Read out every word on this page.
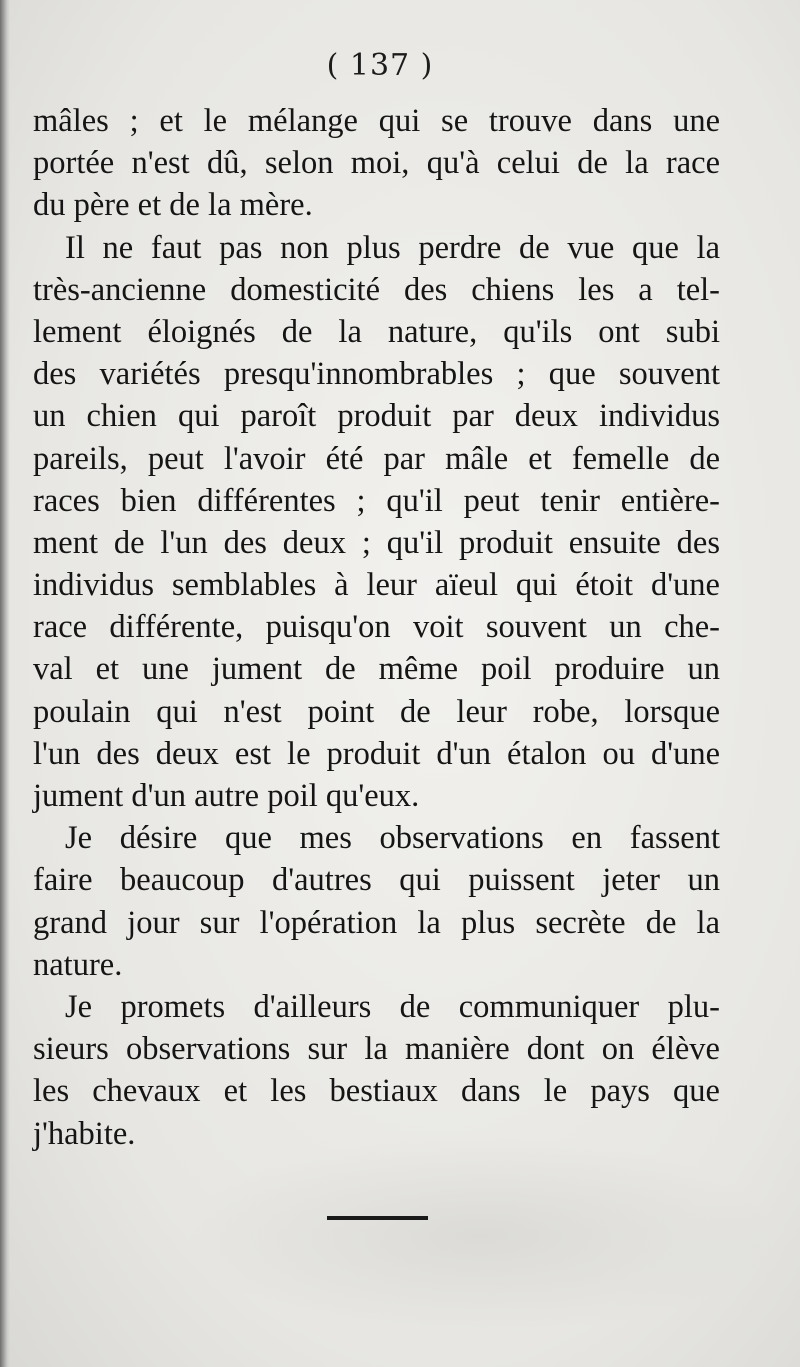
( 137 )
mâles ; et le mélange qui se trouve dans une
portée n'est dû, selon moi, qu'à celui de la race
du père et de la mère.
Il ne faut pas non plus perdre de vue que la
très-ancienne domesticité des chiens les a tel-
lement éloignés de la nature, qu'ils ont subi
des variétés presqu'innombrables ; que souvent
un chien qui paroît produit par deux individus
pareils, peut l'avoir été par mâle et femelle de
races bien différentes ; qu'il peut tenir entière-
ment de l'un des deux ; qu'il produit ensuite des
individus semblables à leur aïeul qui étoit d'une
race différente, puisqu'on voit souvent un che-
val et une jument de même poil produire un
poulain qui n'est point de leur robe, lorsque
l'un des deux est le produit d'un étalon ou d'une
jument d'un autre poil qu'eux.
Je désire que mes observations en fassent
faire beaucoup d'autres qui puissent jeter un
grand jour sur l'opération la plus secrète de la
nature.
Je promets d'ailleurs de communiquer plu-
sieurs observations sur la manière dont on élève
les chevaux et les bestiaux dans le pays que
j'habite.
